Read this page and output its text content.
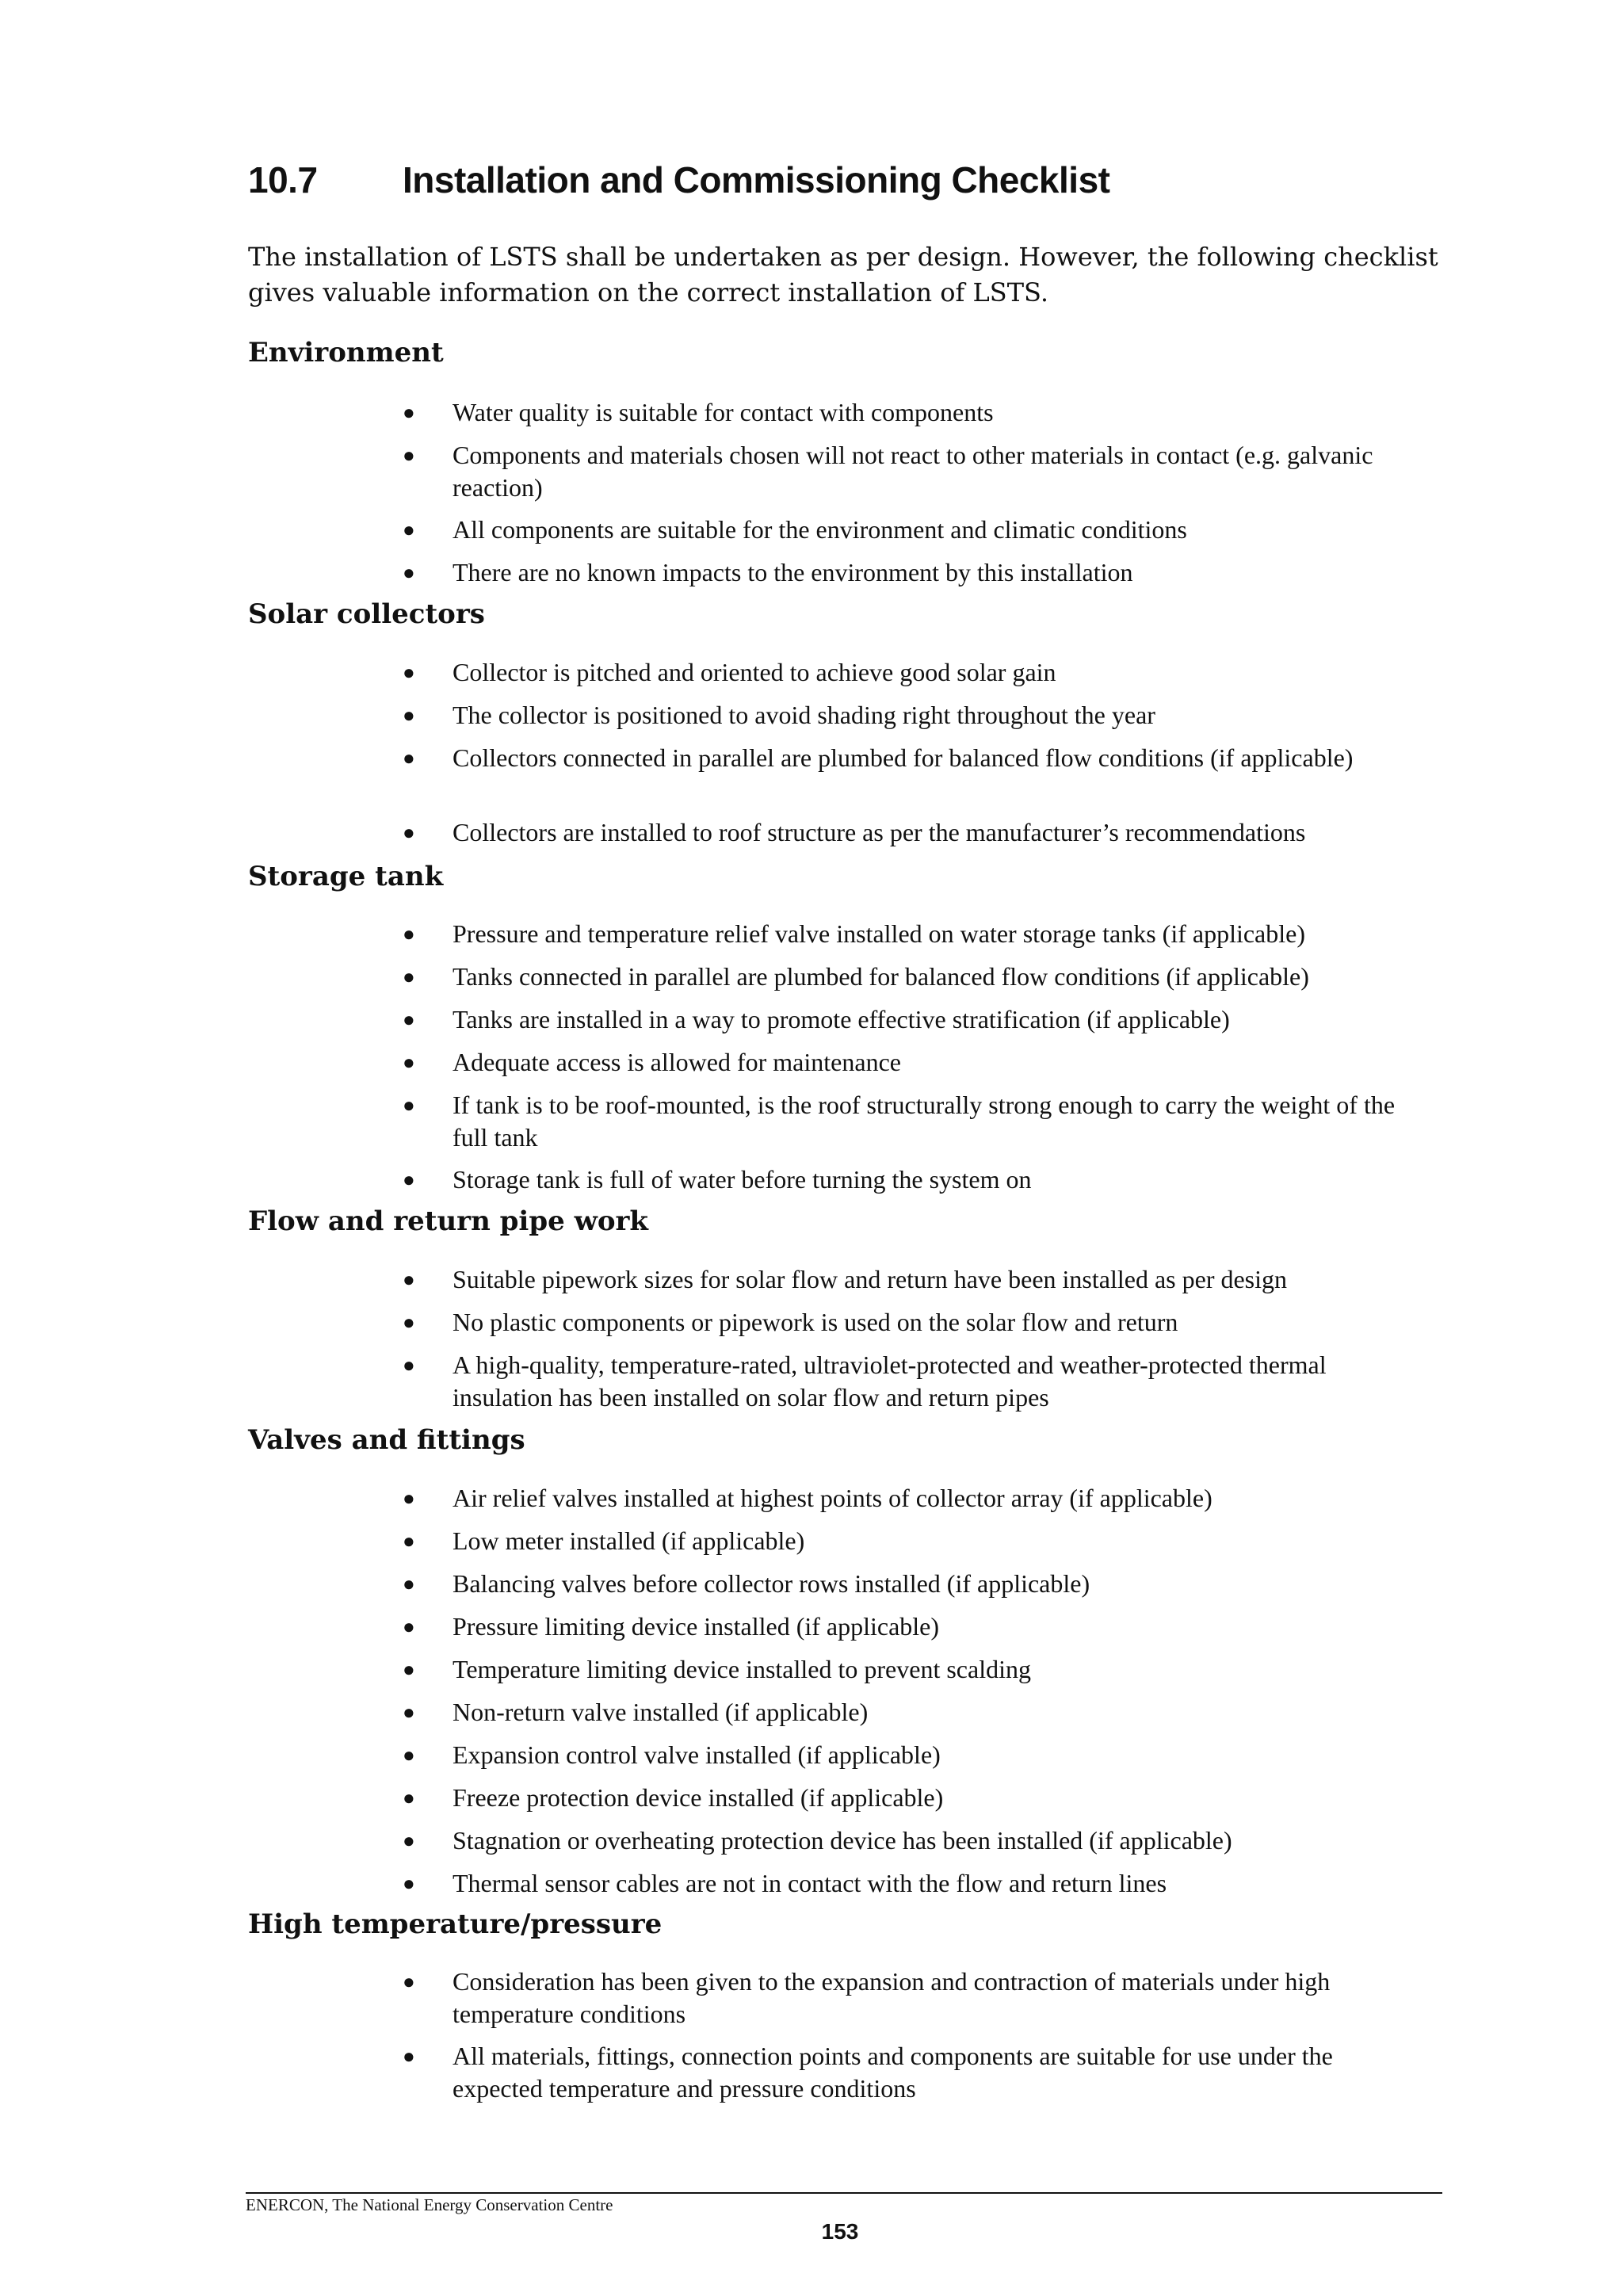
10.7 Installation and Commissioning Checklist

The installation of LSTS shall be undertaken as per design. However, the following checklist gives valuable information on the correct installation of LSTS.

Environment
● Water quality is suitable for contact with components
● Components and materials chosen will not react to other materials in contact (e.g. galvanic reaction)
● All components are suitable for the environment and climatic conditions
● There are no known impacts to the environment by this installation
Solar collectors
● Collector is pitched and oriented to achieve good solar gain
● The collector is positioned to avoid shading right throughout the year
● Collectors connected in parallel are plumbed for balanced flow conditions (if applicable)
● Collectors are installed to roof structure as per the manufacturer’s recommendations
Storage tank
● Pressure and temperature relief valve installed on water storage tanks (if applicable)
● Tanks connected in parallel are plumbed for balanced flow conditions (if applicable)
● Tanks are installed in a way to promote effective stratification (if applicable)
● Adequate access is allowed for maintenance
● If tank is to be roof-mounted, is the roof structurally strong enough to carry the weight of the full tank
● Storage tank is full of water before turning the system on
Flow and return pipe work
● Suitable pipework sizes for solar flow and return have been installed as per design
● No plastic components or pipework is used on the solar flow and return
● A high-quality, temperature-rated, ultraviolet-protected and weather-protected thermal insulation has been installed on solar flow and return pipes
Valves and fittings
● Air relief valves installed at highest points of collector array (if applicable)
● Low meter installed (if applicable)
● Balancing valves before collector rows installed (if applicable)
● Pressure limiting device installed (if applicable)
● Temperature limiting device installed to prevent scalding
● Non-return valve installed (if applicable)
● Expansion control valve installed (if applicable)
● Freeze protection device installed (if applicable)
● Stagnation or overheating protection device has been installed (if applicable)
● Thermal sensor cables are not in contact with the flow and return lines
High temperature/pressure
● Consideration has been given to the expansion and contraction of materials under high temperature conditions
● All materials, fittings, connection points and components are suitable for use under the expected temperature and pressure conditions
ENERCON, The National Energy Conservation Centre
153
